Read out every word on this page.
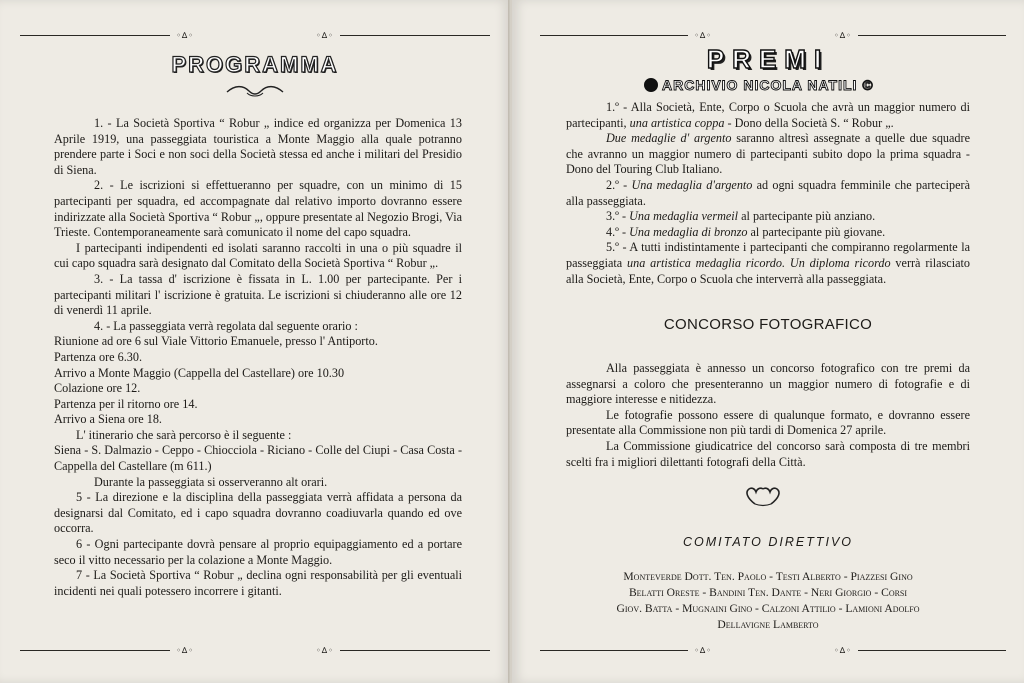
◦∆◦	◦∆◦
◦∆◦	◦∆◦
◦∆◦	◦∆◦
◦∆◦	◦∆◦
PROGRAMMA

1. - La Società Sportiva “ Robur „ indice ed organizza per Domenica 13 Aprile 1919, una passeggiata touristica a Monte Maggio alla quale potranno prendere parte i Soci e non soci della Società stessa ed anche i militari del Presidio di Siena.

2. - Le iscrizioni si effettueranno per squadre, con un minimo di 15 partecipanti per squadra, ed accompagnate dal relativo importo dovranno essere indirizzate alla Società Sportiva “ Robur „, oppure presentate al Negozio Brogi, Via Trieste. Contemporaneamente sarà comunicato il nome del capo squadra.

I partecipanti indipendenti ed isolati saranno raccolti in una o più squadre il cui capo squadra sarà designato dal Comitato della Società Sportiva “ Robur „.

3. - La tassa d' iscrizione è fissata in L. 1.00 per partecipante. Per i partecipanti militari l' iscrizione è gratuita. Le iscrizioni si chiuderanno alle ore 12 di venerdì 11 aprile.

4. - La passeggiata verrà regolata dal seguente orario :

Riunione ad ore 6 sul Viale Vittorio Emanuele, presso l' Antiporto.

Partenza ore 6.30.

Arrivo a Monte Maggio (Cappella del Castellare) ore 10.30

Colazione ore 12.

Partenza per il ritorno ore 14.

Arrivo a Siena ore 18.

L' itinerario che sarà percorso è il seguente :

Siena - S. Dalmazio - Ceppo - Chiocciola - Riciano - Colle del Ciupi - Casa Costa - Cappella del Castellare (m 611.)

Durante la passeggiata si osserveranno alt orari.

5 - La direzione e la disciplina della passeggiata verrà affidata a persona da designarsi dal Comitato, ed i capo squadra dovranno coadiuvarla quando ed ove occorra.

6 - Ogni partecipante dovrà pensare al proprio equipaggiamento ed a portare seco il vitto necessario per la colazione a Monte Maggio.

7 - La Società Sportiva “ Robur „ declina ogni responsabilità per gli eventuali incidenti nei quali potessero incorrere i gitanti.

PREMI
ARCHIVIO NICOLA NATILI ©

1.º - Alla Società, Ente, Corpo o Scuola che avrà un maggior numero di partecipanti, una artistica coppa - Dono della Società S. “ Robur „.

Due medaglie d' argento saranno altresì assegnate a quelle due squadre che avranno un maggior numero di partecipanti subito dopo la prima squadra - Dono del Touring Club Italiano.

2.º - Una medaglia d'argento ad ogni squadra femminile che parteciperà alla passeggiata.

3.º - Una medaglia vermeil al partecipante più anziano.

4.º - Una medaglia di bronzo al partecipante più giovane.

5.º - A tutti indistintamente i partecipanti che compiranno regolarmente la passeggiata una artistica medaglia ricordo. Un diploma ricordo verrà rilasciato alla Società, Ente, Corpo o Scuola che interverrà alla passeggiata.

CONCORSO FOTOGRAFICO

Alla passeggiata è annesso un concorso fotografico con tre premi da assegnarsi a coloro che presenteranno un maggior numero di fotografie e di maggiore interesse e nitidezza.

Le fotografie possono essere di qualunque formato, e dovranno essere presentate alla Commissione non più tardi di Domenica 27 aprile.

La Commissione giudicatrice del concorso sarà composta di tre membri scelti fra i migliori dilettanti fotografi della Città.

COMITATO DIRETTIVO
Monteverde Dott. Ten. Paolo - Testi Alberto - Piazzesi Gino
Belatti Oreste - Bandini Ten. Dante - Neri Giorgio - Corsi
Giov. Batta - Mugnaini Gino - Calzoni Attilio - Lamioni Adolfo
Dellavigne Lamberto
